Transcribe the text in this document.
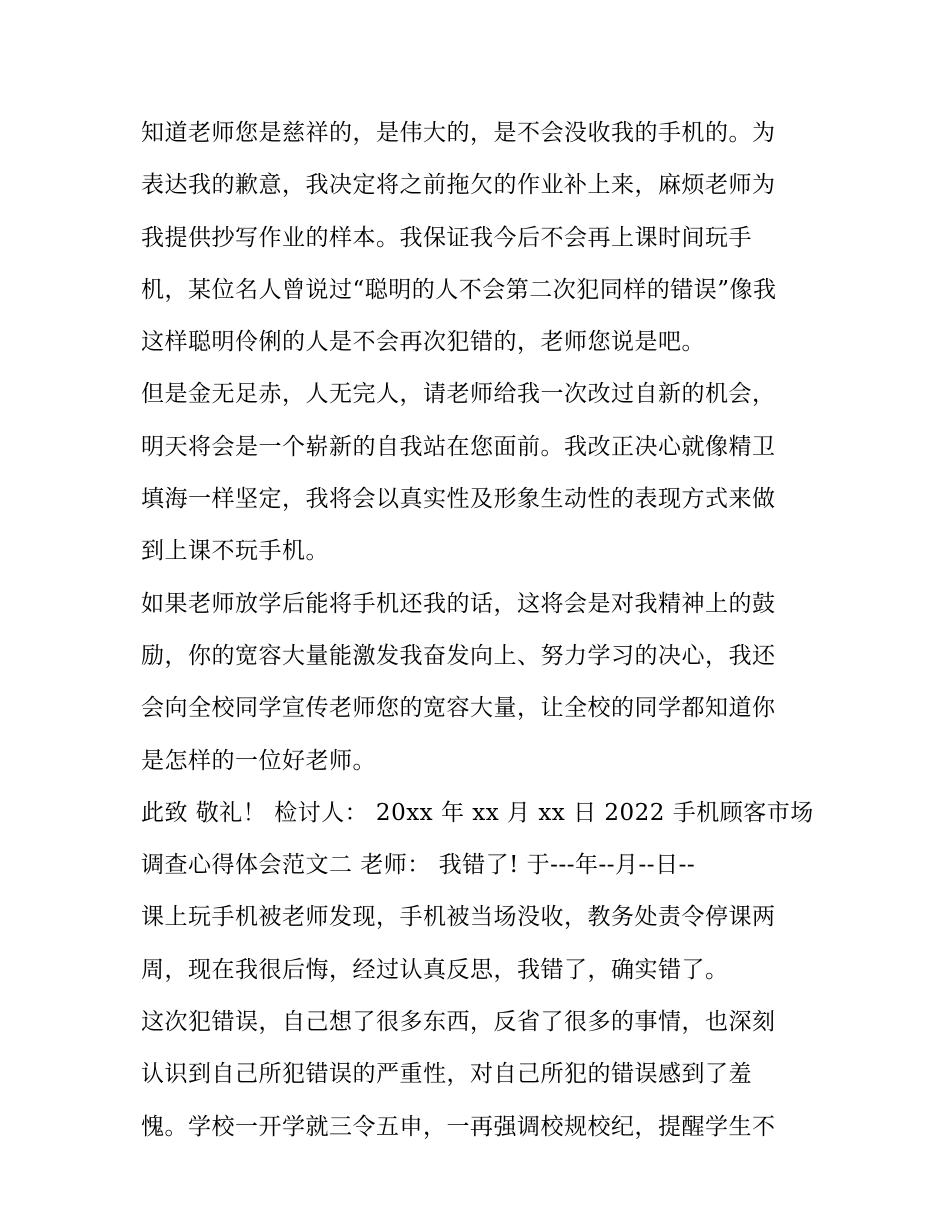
知道老师您是慈祥的，是伟大的，是不会没收我的手机的。为
表达我的歉意，我决定将之前拖欠的作业补上来，麻烦老师为
我提供抄写作业的样本。我保证我今后不会再上课时间玩手
机，某位名人曾说过“聪明的人不会第二次犯同样的错误”像我
这样聪明伶俐的人是不会再次犯错的，老师您说是吧。
但是金无足赤，人无完人，请老师给我一次改过自新的机会，
明天将会是一个崭新的自我站在您面前。我改正决心就像精卫
填海一样坚定，我将会以真实性及形象生动性的表现方式来做
到上课不玩手机。
如果老师放学后能将手机还我的话，这将会是对我精神上的鼓
励，你的宽容大量能激发我奋发向上、努力学习的决心，我还
会向全校同学宣传老师您的宽容大量，让全校的同学都知道你
是怎样的一位好老师。
此致 敬礼！ 检讨人： 20xx 年 xx 月 xx 日 2022 手机顾客市场
调查心得体会范文二 老师： 我错了! 于---年--月--日--
课上玩手机被老师发现，手机被当场没收，教务处责令停课两
周，现在我很后悔，经过认真反思，我错了，确实错了。
这次犯错误，自己想了很多东西，反省了很多的事情，也深刻
认识到自己所犯错误的严重性，对自己所犯的错误感到了羞
愧。学校一开学就三令五申，一再强调校规校纪，提醒学生不
